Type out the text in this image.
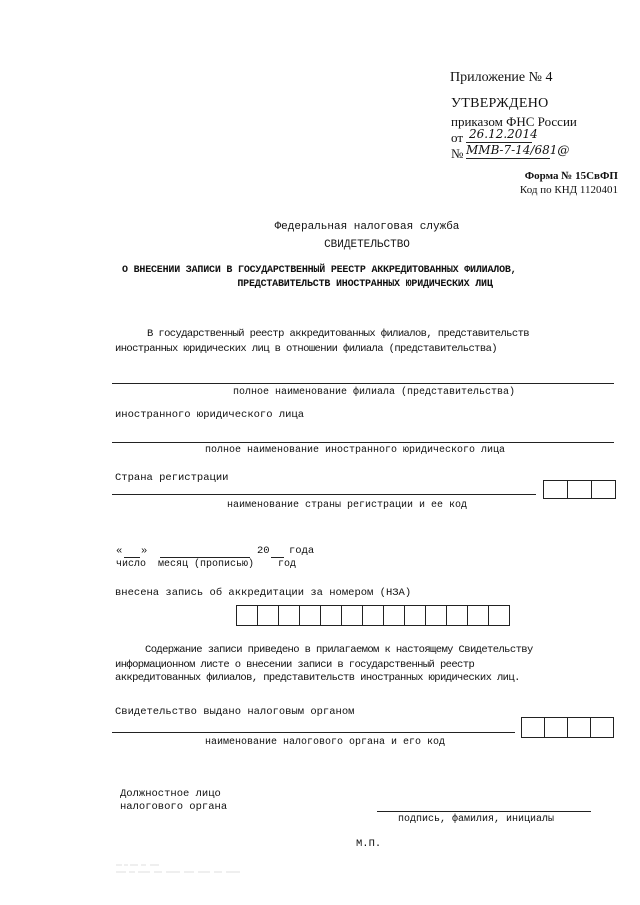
Приложение № 4
УТВЕРЖДЕНО
приказом ФНС России
от 26.12.2014
№ ММВ-7-14/681@
Форма № 15СвФП
Код по КНД 1120401
Федеральная налоговая служба
СВИДЕТЕЛЬСТВО
О ВНЕСЕНИИ ЗАПИСИ В ГОСУДАРСТВЕННЫЙ РЕЕСТР АККРЕДИТОВАННЫХ ФИЛИАЛОВ,
ПРЕДСТАВИТЕЛЬСТВ ИНОСТРАННЫХ ЮРИДИЧЕСКИХ ЛИЦ
В государственный реестр аккредитованных филиалов, представительств
иностранных юридических лиц в отношении филиала (представительства)
полное наименование филиала (представительства)
иностранного юридического лица
полное наименование иностранного юридического лица
Страна регистрации
наименование страны регистрации и ее код
« »	20 года
число  месяц (прописью)    год
внесена запись об аккредитации за номером (НЗА)
Содержание записи приведено в прилагаемом к настоящему Свидетельству
информационном листе о внесении записи в государственный реестр
аккредитованных филиалов, представительств иностранных юридических лиц.
Свидетельство выдано налоговым органом
наименование налогового органа и его код
Должностное лицо
налогового органа
подпись, фамилия, инициалы
М.П.
